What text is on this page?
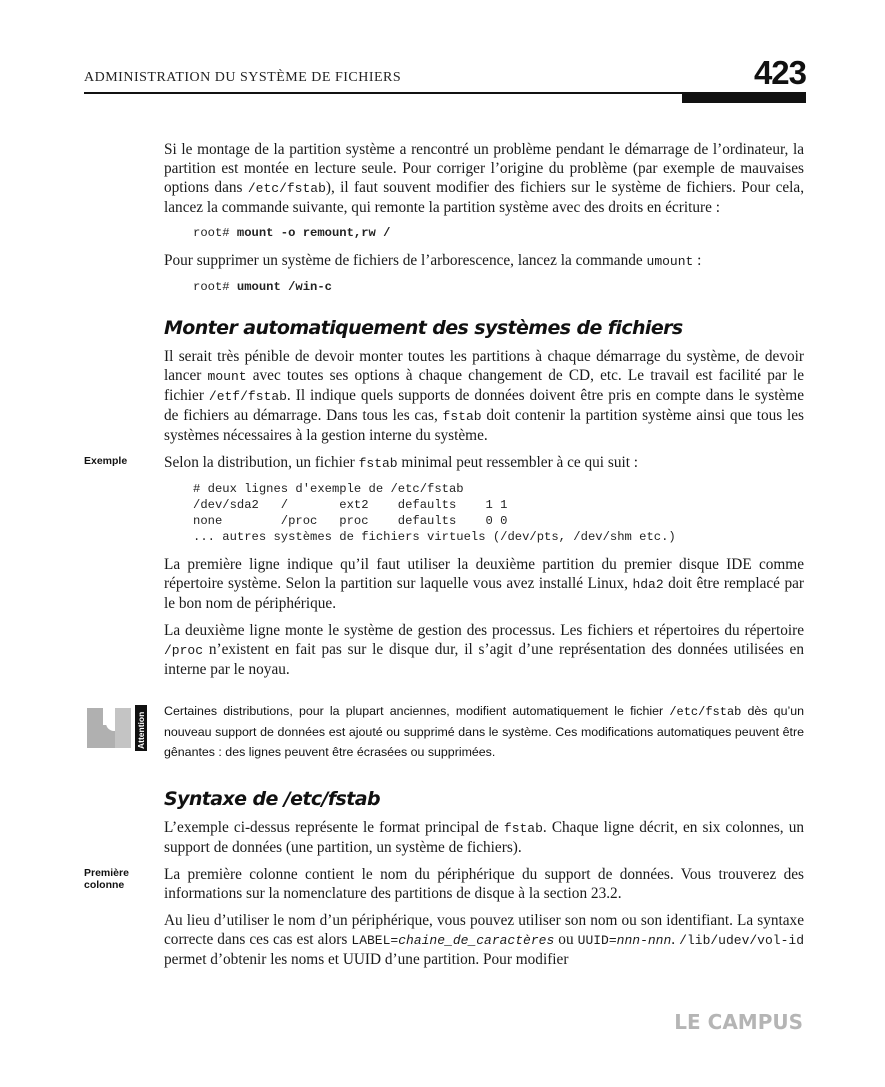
ADMINISTRATION DU SYSTÈME DE FICHIERS	423

Si le montage de la partition système a rencontré un problème pendant le démarrage de l’ordinateur, la partition est montée en lecture seule. Pour corriger l’origine du problème (par exemple de mauvaises options dans /etc/fstab), il faut souvent modifier des fichiers sur le système de fichiers. Pour cela, lancez la commande suivante, qui remonte la partition système avec des droits en écriture :

root# mount -o remount,rw /

Pour supprimer un système de fichiers de l’arborescence, lancez la commande umount :

root# umount /win-c
Monter automatiquement des systèmes de fichiers

Il serait très pénible de devoir monter toutes les partitions à chaque démarrage du système, de devoir lancer mount avec toutes ses options à chaque changement de CD, etc. Le travail est facilité par le fichier /etf/fstab. Il indique quels supports de données doivent être pris en compte dans le système de fichiers au démarrage. Dans tous les cas, fstab doit contenir la partition système ainsi que tous les systèmes nécessaires à la gestion interne du système.

Exemple	Selon la distribution, un fichier fstab minimal peut ressembler à ce qui suit :

# deux lignes d'exemple de /etc/fstab
/dev/sda2   /       ext2    defaults    1 1
none        /proc   proc    defaults    0 0
... autres systèmes de fichiers virtuels (/dev/pts, /dev/shm etc.)

La première ligne indique qu’il faut utiliser la deuxième partition du premier disque IDE comme répertoire système. Selon la partition sur laquelle vous avez installé Linux, hda2 doit être remplacé par le bon nom de périphérique.

La deuxième ligne monte le système de gestion des processus. Les fichiers et répertoires du répertoire /proc n’existent en fait pas sur le disque dur, il s’agit d’une représentation des données utilisées en interne par le noyau.

Attention
Certaines distributions, pour la plupart anciennes, modifient automatiquement le fichier /etc/fstab dès qu’un nouveau support de données est ajouté ou supprimé dans le système. Ces modifications automatiques peuvent être gênantes : des lignes peuvent être écrasées ou supprimées.
Syntaxe de /etc/fstab

L’exemple ci-dessus représente le format principal de fstab. Chaque ligne décrit, en six colonnes, un support de données (une partition, un système de fichiers).

Première colonne

La première colonne contient le nom du périphérique du support de données. Vous trouverez des informations sur la nomenclature des partitions de disque à la section 23.2.

Au lieu d’utiliser le nom d’un périphérique, vous pouvez utiliser son nom ou son identifiant. La syntaxe correcte dans ces cas est alors LABEL=chaine_de_caractères ou UUID=nnn-nnn. /lib/udev/vol-id permet d’obtenir les noms et UUID d’une partition. Pour modifier

LE CAMPUS
